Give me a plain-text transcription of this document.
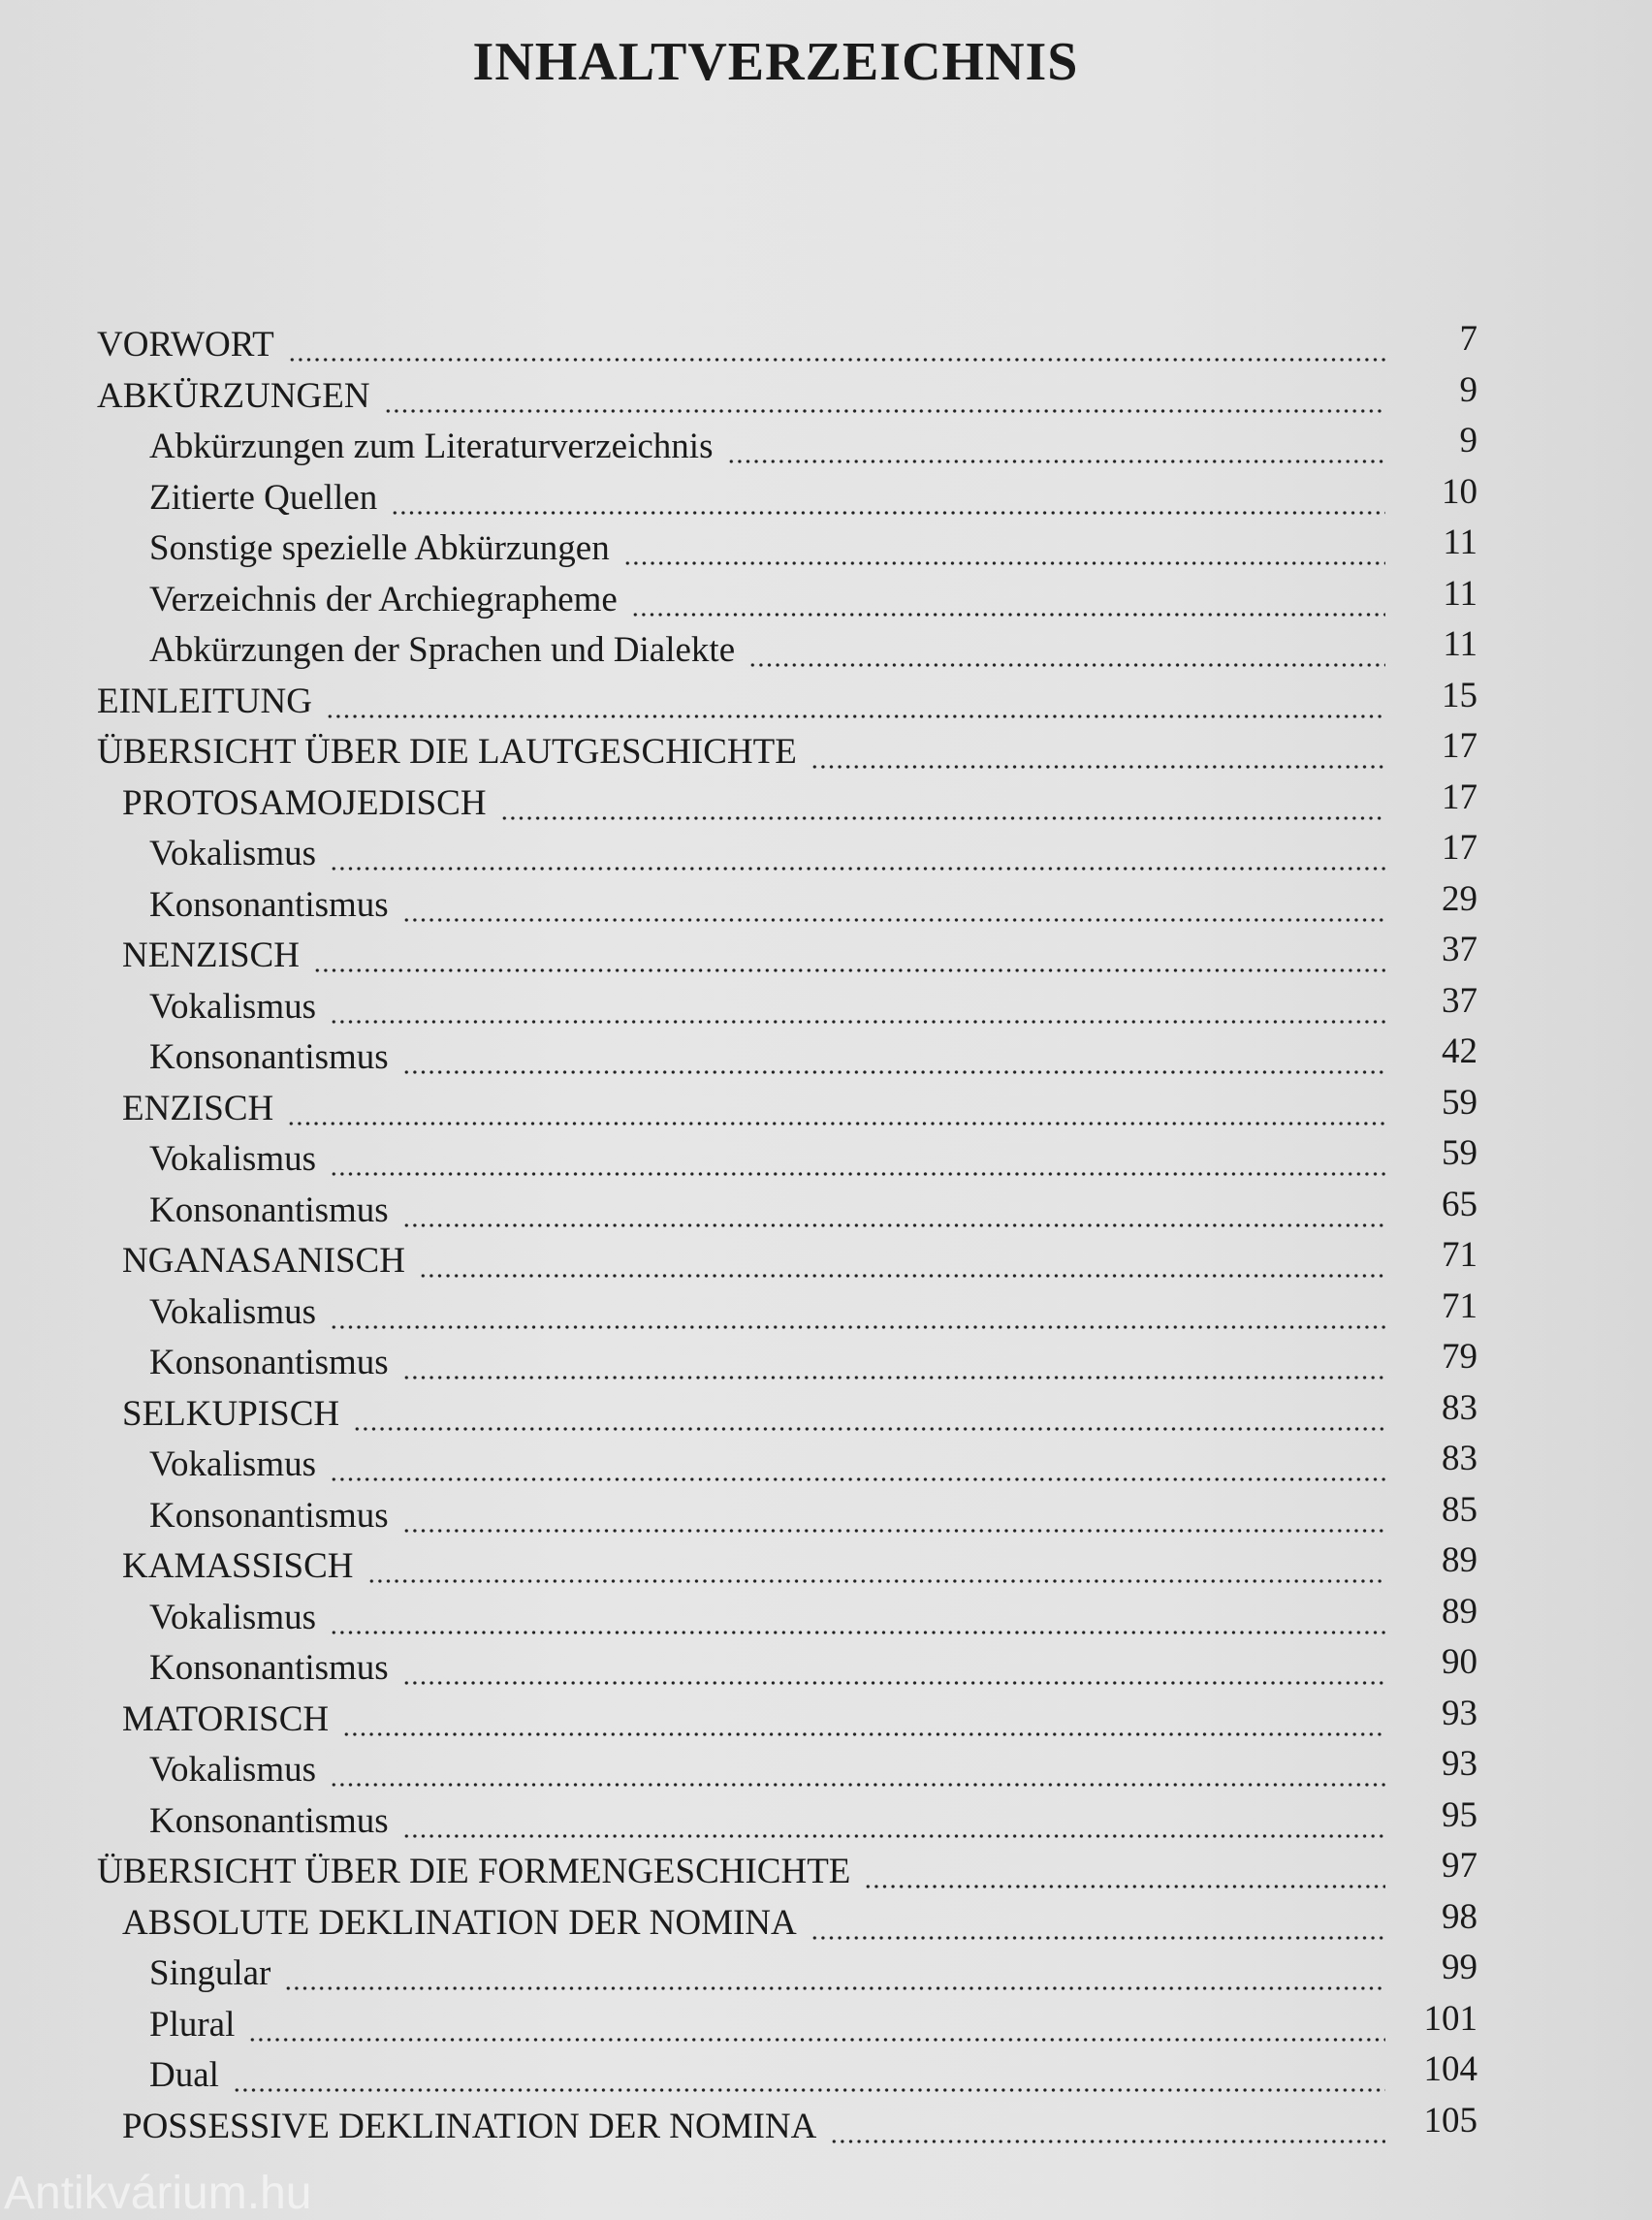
INHALTVERZEICHNIS
VORWORT	7
ABKÜRZUNGEN	9
Abkürzungen zum Literaturverzeichnis	9
Zitierte Quellen	10
Sonstige spezielle Abkürzungen	11
Verzeichnis der Archiegrapheme	11
Abkürzungen der Sprachen und Dialekte	11
EINLEITUNG	15
ÜBERSICHT ÜBER DIE LAUTGESCHICHTE	17
PROTOSAMOJEDISCH	17
Vokalismus	17
Konsonantismus	29
NENZISCH	37
Vokalismus	37
Konsonantismus	42
ENZISCH	59
Vokalismus	59
Konsonantismus	65
NGANASANISCH	71
Vokalismus	71
Konsonantismus	79
SELKUPISCH	83
Vokalismus	83
Konsonantismus	85
KAMASSISCH	89
Vokalismus	89
Konsonantismus	90
MATORISCH	93
Vokalismus	93
Konsonantismus	95
ÜBERSICHT ÜBER DIE FORMENGESCHICHTE	97
ABSOLUTE DEKLINATION DER NOMINA	98
Singular	99
Plural	101
Dual	104
POSSESSIVE DEKLINATION DER NOMINA	105
Antikvárium.hu
